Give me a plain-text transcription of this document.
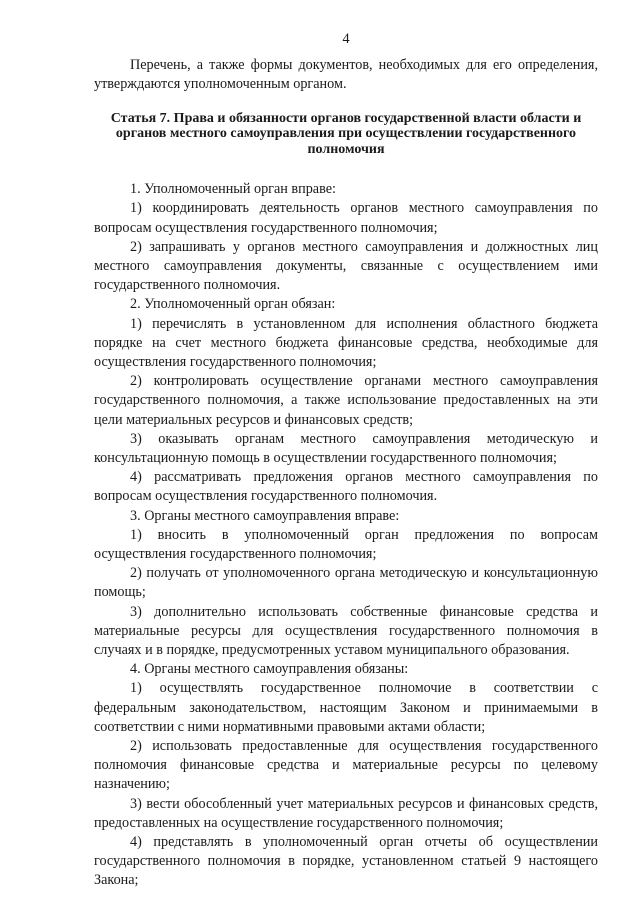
4

Перечень, а также формы документов, необходимых для его определения, утверждаются уполномоченным органом.

Статья 7. Права и обязанности органов государственной власти области и органов местного самоуправления при осуществлении государственного полномочия

1. Уполномоченный орган вправе:

1) координировать деятельность органов местного самоуправления по вопросам осуществления государственного полномочия;

2) запрашивать у органов местного самоуправления и должностных лиц местного самоуправления документы, связанные с осуществлением ими государственного полномочия.

2. Уполномоченный орган обязан:

1) перечислять в установленном для исполнения областного бюджета порядке на счет местного бюджета финансовые средства, необходимые для осуществления государственного полномочия;

2) контролировать осуществление органами местного самоуправления государственного полномочия, а также использование предоставленных на эти цели материальных ресурсов и финансовых средств;

3) оказывать органам местного самоуправления методическую и консультационную помощь в осуществлении государственного полномочия;

4) рассматривать предложения органов местного самоуправления по вопросам осуществления государственного полномочия.

3. Органы местного самоуправления вправе:

1) вносить в уполномоченный орган предложения по вопросам осуществления государственного полномочия;

2) получать от уполномоченного органа методическую и консультационную помощь;

3) дополнительно использовать собственные финансовые средства и материальные ресурсы для осуществления государственного полномочия в случаях и в порядке, предусмотренных уставом муниципального образования.

4. Органы местного самоуправления обязаны:

1) осуществлять государственное полномочие в соответствии с федеральным законодательством, настоящим Законом и принимаемыми в соответствии с ними нормативными правовыми актами области;

2) использовать предоставленные для осуществления государственного полномочия финансовые средства и материальные ресурсы по целевому назначению;

3) вести обособленный учет материальных ресурсов и финансовых средств, предоставленных на осуществление государственного полномочия;

4) представлять в уполномоченный орган отчеты об осуществлении государственного полномочия в порядке, установленном статьей 9 настоящего Закона;
